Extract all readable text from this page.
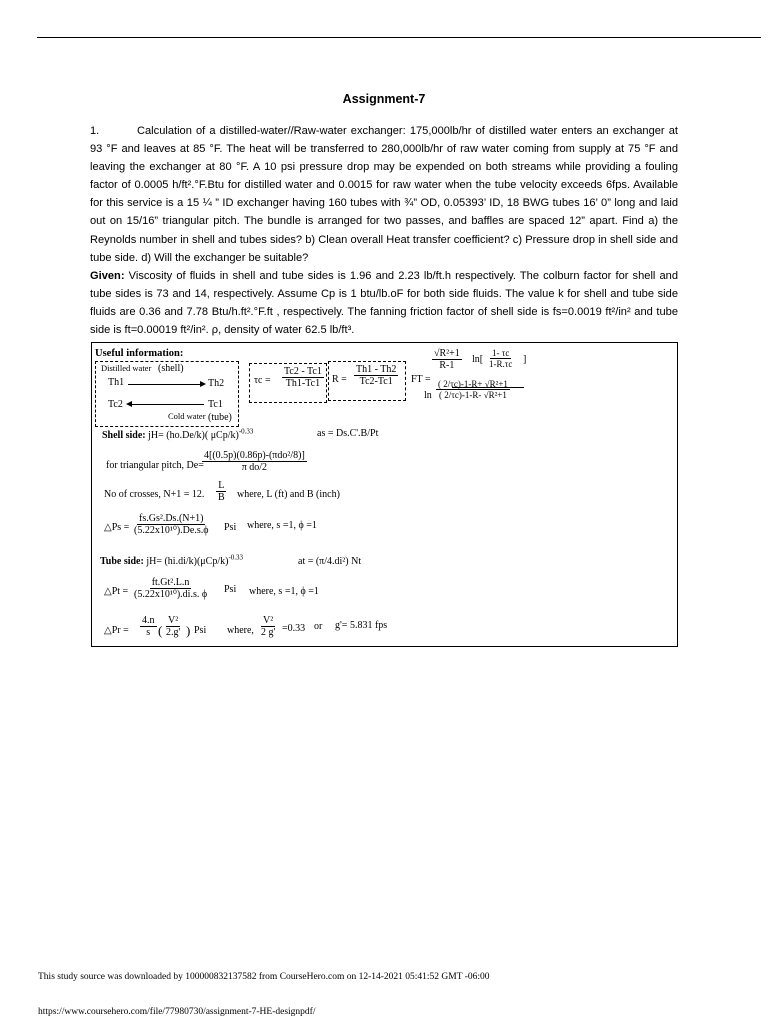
Assignment-7

1.	Calculation of a distilled-water//Raw-water exchanger: 175,000lb/hr of distilled water enters an exchanger at 93 °F and leaves at 85 °F. The heat will be transferred to 280,000lb/hr of raw water coming from supply at 75 °F and leaving the exchanger at 80 °F. A 10 psi pressure drop may be expended on both streams while providing a fouling factor of 0.0005 h/ft².°F.Btu for distilled water and 0.0015 for raw water when the tube velocity exceeds 6fps. Available for this service is a 15 ¼ ” ID exchanger having 160 tubes with ¾” OD, 0.05393’ ID, 18 BWG tubes 16’ 0” long and laid out on 15/16” triangular pitch. The bundle is arranged for two passes, and baffles are spaced 12” apart. Find a) the Reynolds number in shell and tubes sides? b) Clean overall Heat transfer coefficient? c) Pressure drop in shell side and tube side. d) Will the exchanger be suitable?

Given: Viscosity of fluids in shell and tube sides is 1.96 and 2.23 lb/ft.h respectively. The colburn factor for shell and tube sides is 73 and 14, respectively. Assume Cp is 1 btu/lb.oF for both side fluids. The value k for shell and tube side fluids are 0.36 and 7.78 Btu/h.ft².°F.ft , respectively. The fanning friction factor of shell side is fs=0.0019 ft²/in² and tube side is ft=0.00019 ft²/in². ρ, density of water 62.5 lb/ft³.

Useful information:
Distilled water (shell)
Th1	Th2
Tc2	Tc1
Cold water (tube)
$\tau c = \frac{Tc2 - Tc1}{Th1-Tc1}$ $R = \frac{Th1 - Th2}{Tc2-Tc1}$ FT =
$\frac{\text{√R²+1}}{R-1} \ln[ \frac{1- \tau c}{1-R.\tau c}$ ]
$\ln \frac{\text{( 2/τc)-1-R+ √R²+1}}{\text{( 2/τc)-1-R- √R²+1}}$
Shell side: jH= (ho.De/k)( μCp/k)$^{-0.33}$	as = Ds.C'.B/Pt
for triangular pitch, De=
4[(0.5p)(0.86p)-(πdo²/8)]
π do/2
No of crosses, N+1 = 12. $\frac{L}{B}$ where, L (ft) and B (inch)
△Ps = $\frac{\text{fs.Gs².Ds.(N+1)}}{\text{(5.22x10¹⁰).De.s.ϕ}}$ Psi where, s =1, ϕ =1
Tube side: $jH= (hi.di/k)(\mu Cp/k)^{-0.33}$	at = (π/4.di²) Nt
△Pt = $\frac{\text{ft.Gt².L.n}}{\text{(5.22x10¹⁰).di.s. ϕ}}$ Psi where, s =1, ϕ =1
△Pr = $\frac{4.n}{s}$ ( $\frac{\text{V²}}{2.g'}$ ) Psi where, $\frac{\text{V²}}{2 g'} =0.33$ or g'= 5.831 fps
This study source was downloaded by 100000832137582 from CourseHero.com on 12-14-2021 05:41:52 GMT -06:00
https://www.coursehero.com/file/77980730/assignment-7-HE-designpdf/
